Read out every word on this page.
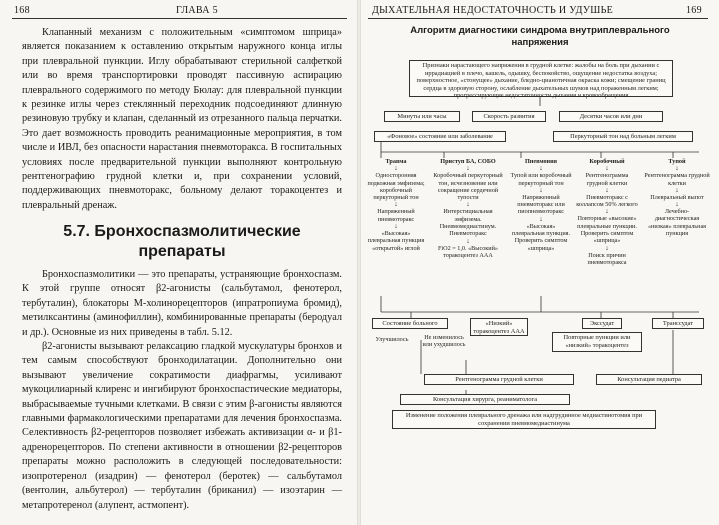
168	ГЛАВА 5

Клапанный механизм с положительным «симптомом шприца» является показанием к оставлению открытым наружного конца иглы при плевральной пункции. Иглу обрабатывают стерильной салфеткой или во время транспортировки проводят пассивную аспирацию плеврального содержимого по методу Бюлау: для плевральной пункции к резинке иглы через стеклянный переходник подсоединяют длинную резиновую трубку и клапан, сделанный из отрезанного пальца перчатки. Это дает возможность проводить реанимационные мероприятия, в том числе и ИВЛ, без опасности нарастания пневмоторакса. В госпитальных условиях после предварительной пункции выполняют контрольную рентгенографию грудной клетки и, при сохранении условий, поддерживающих пневмоторакс, больному делают торакоцентез и плевральный дренаж.

5.7. Бронхоспазмолитические
препараты

Бронхоспазмолитики — это препараты, устраняющие бронхоспазм. К этой группе относят β2-агонисты (сальбутамол, фенотерол, тербуталин), блокаторы М-холинорецепторов (ипратропиума бромид), метилксантины (аминофиллин), комбинированные препараты (беродуал и др.). Основные из них приведены в табл. 5.12.

β2-агонисты вызывают релаксацию гладкой мускулатуры бронхов и тем самым способствуют бронходилатации. Дополнительно они вызывают увеличение сократимости диафрагмы, усиливают мукоцилиарный клиренс и ингибируют бронхоспастические медиаторы, выбрасываемые тучными клетками. В связи с этим β-агонисты являются главными фармакологическими препаратами для лечения бронхоспазма. Селективность β2-рецепторов позволяет избежать активизации α- и β1-адренорецепторов. По степени активности в отношении β2-рецепторов препараты можно расположить в следующей последовательности: изопротеренол (изадрин) — фенотерол (беротек) — сальбутамол (вентолин, альбутерол) — тербуталин (бриканил) — изоэтарин — метапротеренол (алупент, астмопент).

ДЫХАТЕЛЬНАЯ НЕДОСТАТОЧНОСТЬ И УДУШЬЕ	169
Алгоритм диагностики синдрома внутриплеврального
напряжения
Признаки нарастающего напряжения в грудной клетке: жалобы на боль при дыхании с иррадиацией в плечо, кашель, одышку, беспокойство, ощущение недостатка воздуха; поверхностное, «стонущее» дыхание, бледно-цианотичная окраска кожи; смещение границ сердца в здоровую сторону, ослабление дыхательных шумов над пораженным легким; прогрессирующие недостаточности дыхания и кровообращения
Минуты или часы	Скорость развития	Десятки часов или дни
«Фоновое» состояние или заболевание	Перкуторный тон над больным легким
Травма
↓
Односторонняя подкожная эмфизема; коробочный перкуторный тон
↓
Напряженный пневмоторакс
↓
«Высокая» плевральная пункция «открытой» иглой
Приступ БА, СОБО
↓
Коробочный перкуторный тон, исчезновение или сокращение сердечной тупости
↓
Интерстициальная эмфизема. Пневмомедиастинум. Пневмоторакс
↓
FiO2 = 1,0. «Высокий» торакоцентез ААА
Пневмония
↓
Тупой или коробочный перкуторный тон
↓
Напряженный пневмоторакс или пиопневмоторакс
↓
«Высокая» плевральная пункция. Проверить симптом «шприца»
Коробочный
↓
Рентгенограмма грудной клетки
↓
Пневмоторакс с коллапсом 50% легкого
↓
Повторные «высокие» плевральные пункции. Проверить симптом «шприца»
↓
Поиск причин пневмоторакса
Тупой
↓
Рентгенограмма грудной клетки
↓
Плевральный выпот
↓
Лечебно-диагностическая «низкая» плевральная пункция
Состояние больного	«Низкий» торакоцентез ААА
Экссудат	Транссудат
Улучшилось	Не изменилось или ухудшилось
Повторные пункции или «низкий» торакоцентез
Рентгенограмма грудной клетки	Консультация педиатра
Консультация хирурга, реаниматолога
Изменение положения плеврального дренажа или надгрудинное медиастинотомия при сохранении пневмомедиастинума
